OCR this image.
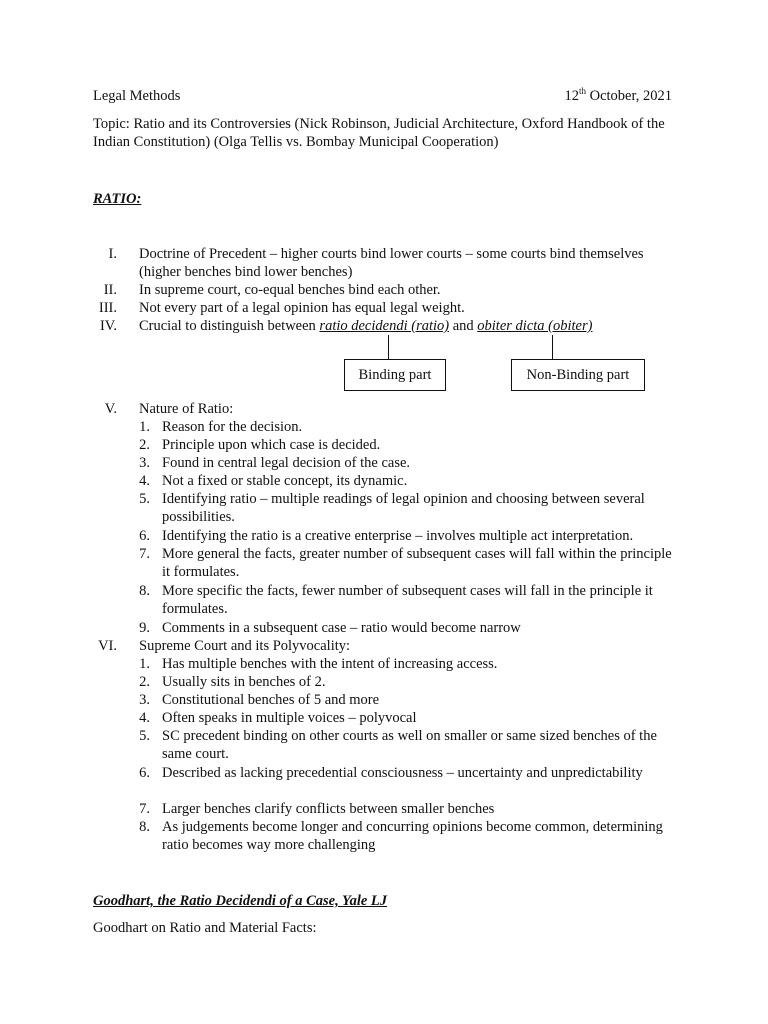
Legal Methods	12th October, 2021
Topic: Ratio and its Controversies (Nick Robinson, Judicial Architecture, Oxford Handbook of the Indian Constitution) (Olga Tellis vs. Bombay Municipal Cooperation)
RATIO:
I. Doctrine of Precedent – higher courts bind lower courts – some courts bind themselves (higher benches bind lower benches)
II. In supreme court, co-equal benches bind each other.
III. Not every part of a legal opinion has equal legal weight.
IV. Crucial to distinguish between ratio decidendi (ratio) and obiter dicta (obiter)
Binding part	Non-Binding part
V. Nature of Ratio:
1. Reason for the decision.
2. Principle upon which case is decided.
3. Found in central legal decision of the case.
4. Not a fixed or stable concept, its dynamic.
5. Identifying ratio – multiple readings of legal opinion and choosing between several possibilities.
6. Identifying the ratio is a creative enterprise – involves multiple act interpretation.
7. More general the facts, greater number of subsequent cases will fall within the principle it formulates.
8. More specific the facts, fewer number of subsequent cases will fall in the principle it formulates.
9. Comments in a subsequent case – ratio would become narrow
VI. Supreme Court and its Polyvocality:
1. Has multiple benches with the intent of increasing access.
2. Usually sits in benches of 2.
3. Constitutional benches of 5 and more
4. Often speaks in multiple voices – polyvocal
5. SC precedent binding on other courts as well on smaller or same sized benches of the same court.
6. Described as lacking precedential consciousness – uncertainty and unpredictability
7. Larger benches clarify conflicts between smaller benches
8. As judgements become longer and concurring opinions become common, determining ratio becomes way more challenging
Goodhart, the Ratio Decidendi of a Case, Yale LJ
Goodhart on Ratio and Material Facts:
